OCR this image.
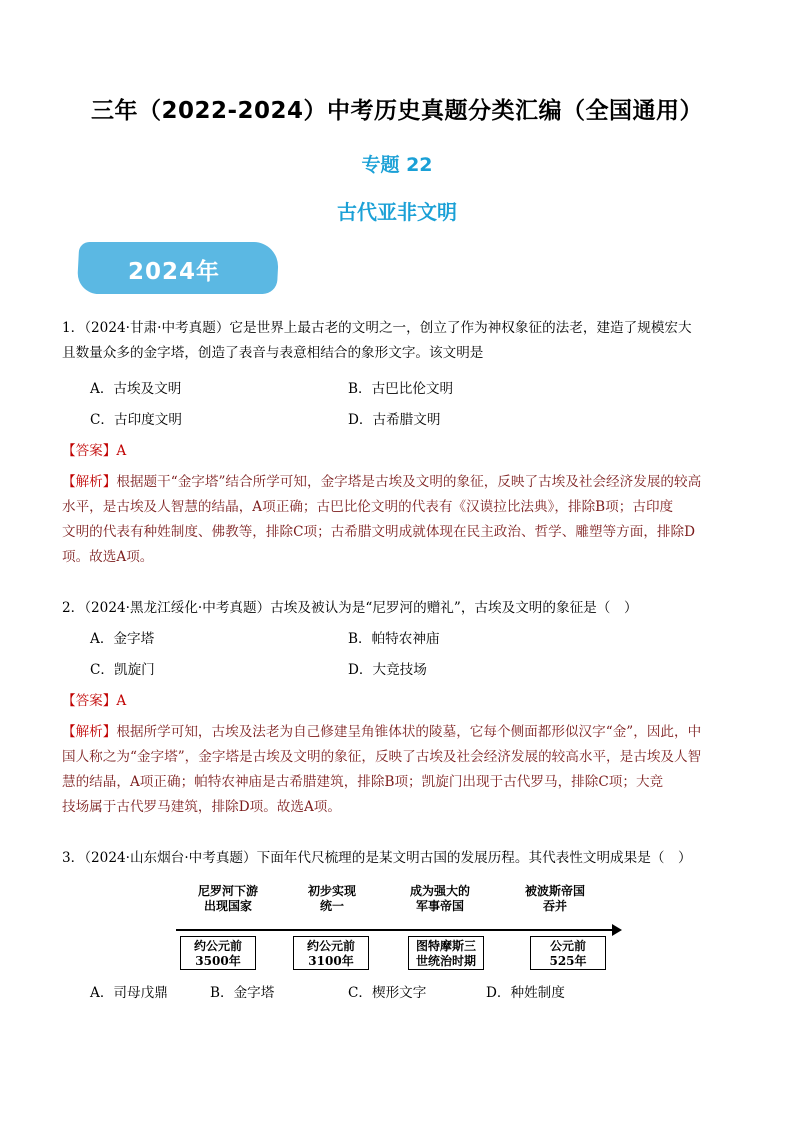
三年（2022-2024）中考历史真题分类汇编（全国通用）
专题 22
古代亚非文明
2024年
1．（2024·甘肃·中考真题）它是世界上最古老的文明之一，创立了作为神权象征的法老，建造了规模宏大
且数量众多的金字塔，创造了表音与表意相结合的象形文字。该文明是
A．古埃及文明	B．古巴比伦文明
C．古印度文明	D．古希腊文明
【答案】A
【解析】根据题干“金字塔”结合所学可知，金字塔是古埃及文明的象征，反映了古埃及社会经济发展的较高
水平，是古埃及人智慧的结晶，A项正确；古巴比伦文明的代表有《汉谟拉比法典》，排除B项；古印度
文明的代表有种姓制度、佛教等，排除C项；古希腊文明成就体现在民主政治、哲学、雕塑等方面，排除D
项。故选A项。
2．（2024·黑龙江绥化·中考真题）古埃及被认为是“尼罗河的赠礼”，古埃及文明的象征是（　）
A．金字塔	B．帕特农神庙
C．凯旋门	D．大竞技场
【答案】A
【解析】根据所学可知，古埃及法老为自己修建呈角锥体状的陵墓，它每个侧面都形似汉字“金”，因此，中
国人称之为“金字塔”，金字塔是古埃及文明的象征，反映了古埃及社会经济发展的较高水平，是古埃及人智
慧的结晶，A项正确；帕特农神庙是古希腊建筑，排除B项；凯旋门出现于古代罗马，排除C项；大竞
技场属于古代罗马建筑，排除D项。故选A项。
3．（2024·山东烟台·中考真题）下面年代尺梳理的是某文明古国的发展历程。其代表性文明成果是（　）
尼罗河下游
出现国家
约公元前
3500年
初步实现
统一
约公元前
3100年
成为强大的
军事帝国
图特摩斯三
世统治时期
被波斯帝国
吞并
公元前
525年
A．司母戊鼎	B．金字塔	C．楔形文字	D．种姓制度
